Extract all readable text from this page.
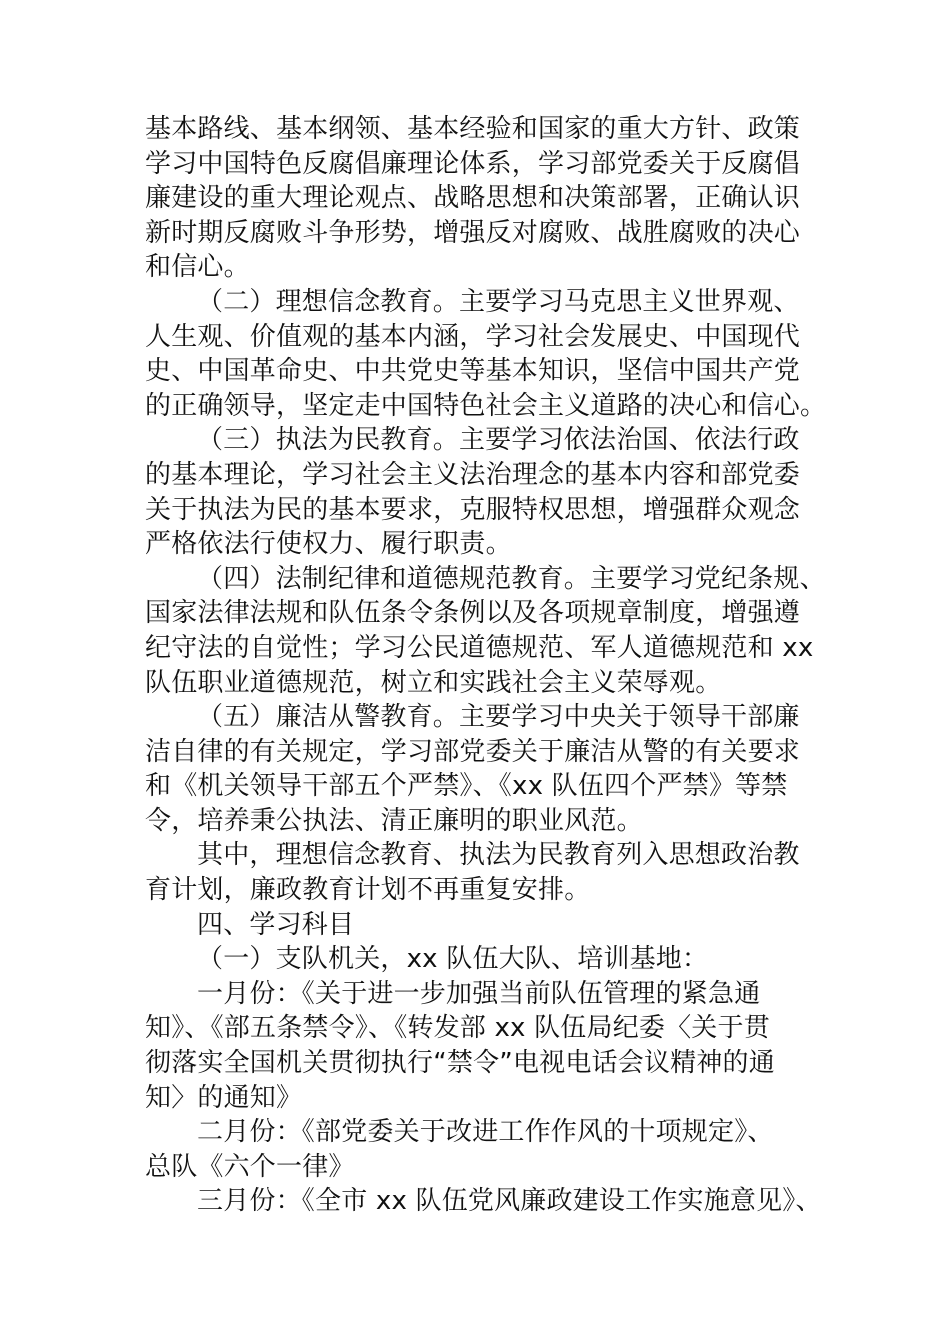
基本路线、基本纲领、基本经验和国家的重大方针、政策
学习中国特色反腐倡廉理论体系，学习部党委关于反腐倡
廉建设的重大理论观点、战略思想和决策部署，正确认识
新时期反腐败斗争形势，增强反对腐败、战胜腐败的决心
和信心。
（二）理想信念教育。主要学习马克思主义世界观、
人生观、价值观的基本内涵，学习社会发展史、中国现代
史、中国革命史、中共党史等基本知识，坚信中国共产党
的正确领导，坚定走中国特色社会主义道路的决心和信心。
（三）执法为民教育。主要学习依法治国、依法行政
的基本理论，学习社会主义法治理念的基本内容和部党委
关于执法为民的基本要求，克服特权思想，增强群众观念
严格依法行使权力、履行职责。
（四）法制纪律和道德规范教育。主要学习党纪条规、
国家法律法规和队伍条令条例以及各项规章制度，增强遵
纪守法的自觉性；学习公民道德规范、军人道德规范和 xx
队伍职业道德规范，树立和实践社会主义荣辱观。
（五）廉洁从警教育。主要学习中央关于领导干部廉
洁自律的有关规定，学习部党委关于廉洁从警的有关要求
和《机关领导干部五个严禁》、《xx 队伍四个严禁》等禁
令，培养秉公执法、清正廉明的职业风范。
其中，理想信念教育、执法为民教育列入思想政治教
育计划，廉政教育计划不再重复安排。
四、学习科目
（一）支队机关，xx 队伍大队、培训基地：
一月份：《关于进一步加强当前队伍管理的紧急通
知》、《部五条禁令》、《转发部 xx 队伍局纪委〈关于贯
彻落实全国机关贯彻执行“禁令”电视电话会议精神的通
知〉的通知》
二月份：《部党委关于改进工作作风的十项规定》、
总队《六个一律》
三月份：《全市 xx 队伍党风廉政建设工作实施意见》、
